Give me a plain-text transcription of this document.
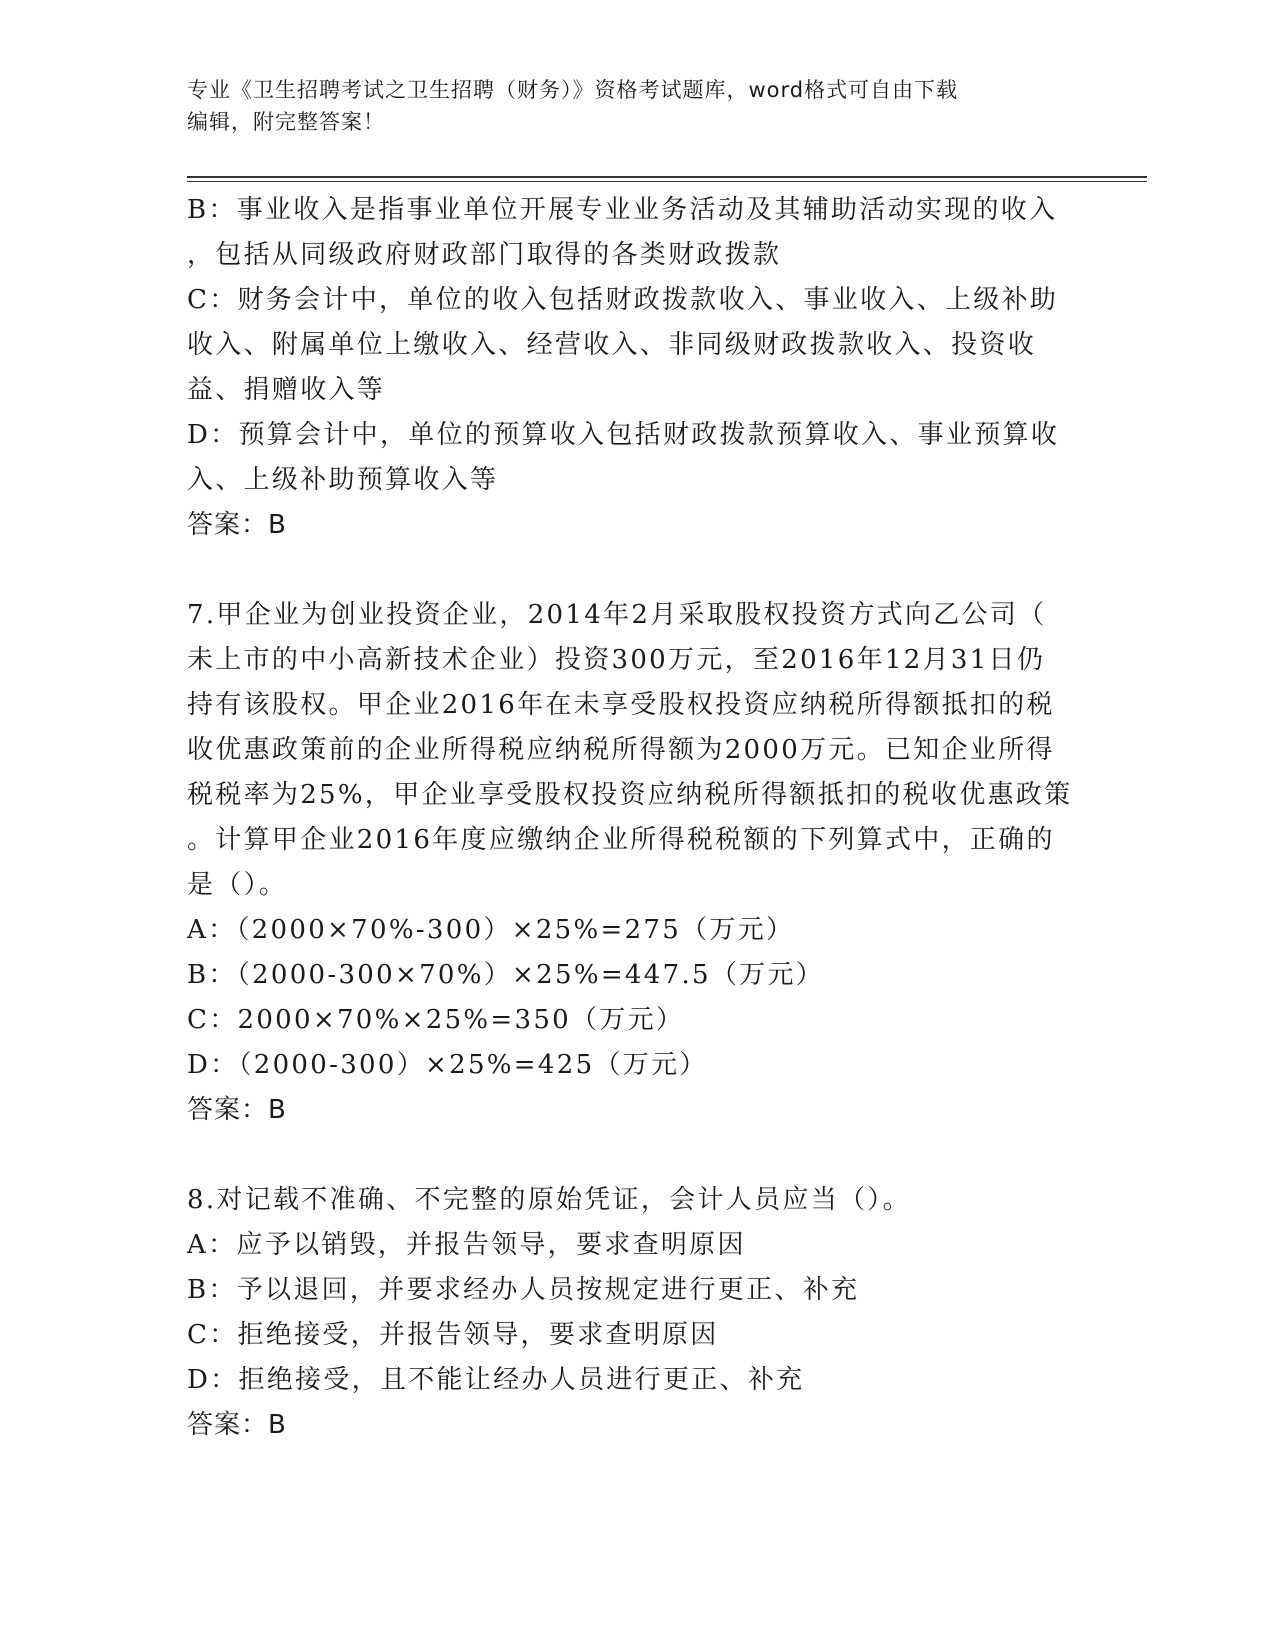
专业《卫生招聘考试之卫生招聘（财务）》资格考试题库，word格式可自由下载
编辑，附完整答案！
B：事业收入是指事业单位开展专业业务活动及其辅助活动实现的收入
，包括从同级政府财政部门取得的各类财政拨款
C：财务会计中，单位的收入包括财政拨款收入、事业收入、上级补助
收入、附属单位上缴收入、经营收入、非同级财政拨款收入、投资收
益、捐赠收入等
D：预算会计中，单位的预算收入包括财政拨款预算收入、事业预算收
入、上级补助预算收入等
答案：B
7.甲企业为创业投资企业，2014年2月采取股权投资方式向乙公司（
未上市的中小高新技术企业）投资300万元，至2016年12月31日仍
持有该股权。甲企业2016年在未享受股权投资应纳税所得额抵扣的税
收优惠政策前的企业所得税应纳税所得额为2000万元。已知企业所得
税税率为25%，甲企业享受股权投资应纳税所得额抵扣的税收优惠政策
。计算甲企业2016年度应缴纳企业所得税税额的下列算式中，正确的
是（）。
A：（2000×70%-300）×25%=275（万元）
B：（2000-300×70%）×25%=447.5（万元）
C：2000×70%×25%=350（万元）
D：（2000-300）×25%=425（万元）
答案：B
8.对记载不准确、不完整的原始凭证，会计人员应当（）。
A：应予以销毁，并报告领导，要求查明原因
B：予以退回，并要求经办人员按规定进行更正、补充
C：拒绝接受，并报告领导，要求查明原因
D：拒绝接受，且不能让经办人员进行更正、补充
答案：B
